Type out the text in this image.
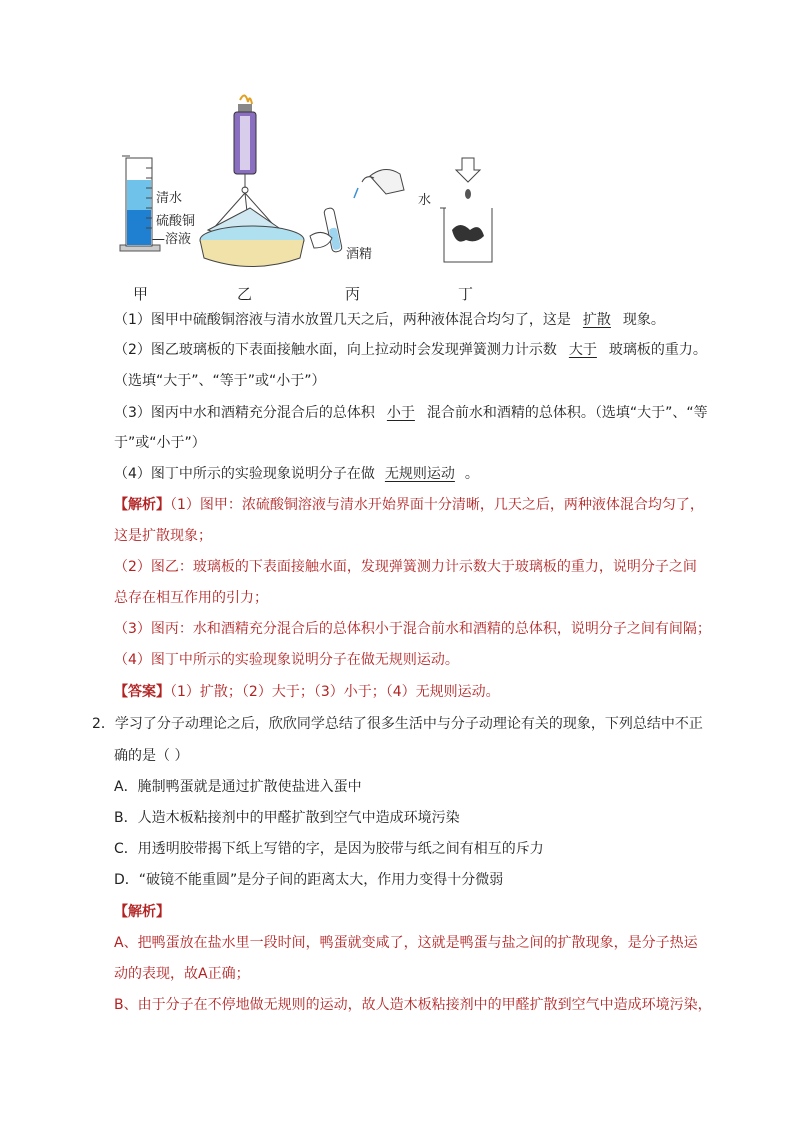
清水
硫酸铜
—溶液
水
酒精
甲	乙	丙	丁
（1）图甲中硫酸铜溶液与清水放置几天之后，两种液体混合均匀了，这是 扩散 现象。
（2）图乙玻璃板的下表面接触水面，向上拉动时会发现弹簧测力计示数 大于 玻璃板的重力。
（选填“大于”、“等于”或“小于”）
（3）图丙中水和酒精充分混合后的总体积 小于 混合前水和酒精的总体积。（选填“大于”、“等
于”或“小于”）
（4）图丁中所示的实验现象说明分子在做 无规则运动 。
【解析】（1）图甲：浓硫酸铜溶液与清水开始界面十分清晰，几天之后，两种液体混合均匀了，
这是扩散现象；
（2）图乙：玻璃板的下表面接触水面，发现弹簧测力计示数大于玻璃板的重力，说明分子之间
总存在相互作用的引力；
（3）图丙：水和酒精充分混合后的总体积小于混合前水和酒精的总体积，说明分子之间有间隔；
（4）图丁中所示的实验现象说明分子在做无规则运动。
【答案】（1）扩散；（2）大于；（3）小于；（4）无规则运动。
2．学习了分子动理论之后，欣欣同学总结了很多生活中与分子动理论有关的现象，下列总结中不正
确的是（ ）
A．腌制鸭蛋就是通过扩散使盐进入蛋中
B．人造木板粘接剂中的甲醛扩散到空气中造成环境污染
C．用透明胶带揭下纸上写错的字，是因为胶带与纸之间有相互的斥力
D．“破镜不能重圆”是分子间的距离太大，作用力变得十分微弱
【解析】
A、把鸭蛋放在盐水里一段时间，鸭蛋就变咸了，这就是鸭蛋与盐之间的扩散现象，是分子热运
动的表现，故A正确；
B、由于分子在不停地做无规则的运动，故人造木板粘接剂中的甲醛扩散到空气中造成环境污染，
